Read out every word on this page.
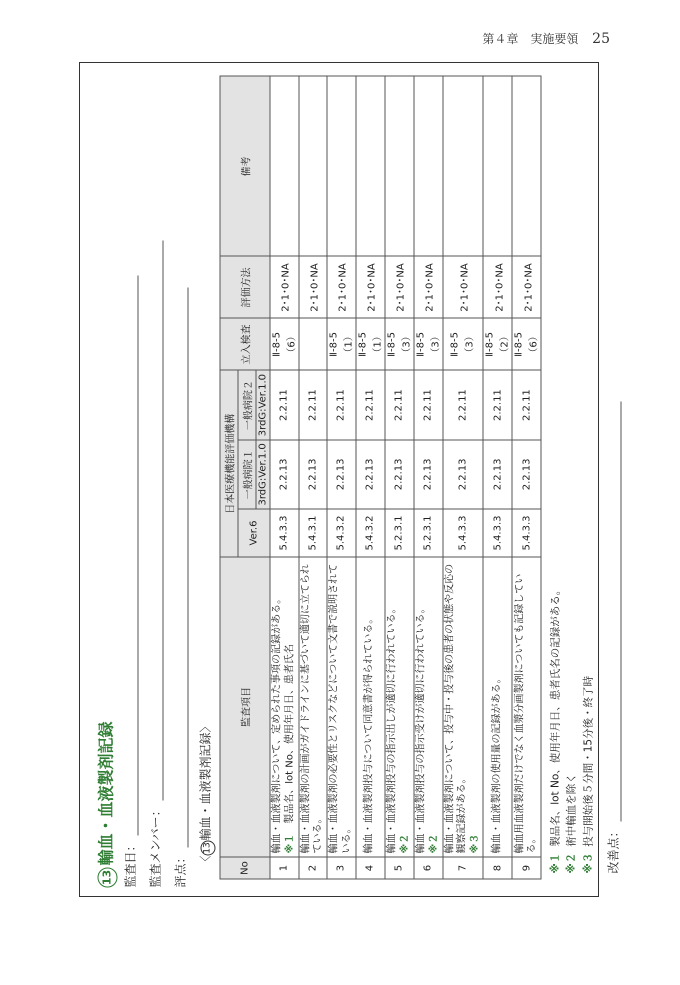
第４章　実施要領 25
13輸血・血液製剤記録 監査日： 監査メンバー： 評点： 〈13輸血・血液製剤記録〉
No	監査項目	日本医療機能評価機構			立入検査	評価方法	備考
		Ver.6	一般病院１	一般病院２			
			3rdG:Ver.1.0	3rdG:Ver.1.0			
1	輸血・血液製剤について、定められた事項の記録がある。 ※１　製品名、lot No、使用年月日、患者氏名	5.4.3.3	2.2.13	2.2.11	Ⅱ-8-5（6）	2･1･0･NA	
2	輸血・血液製剤の計画がガイドラインに基づいて適切に立てられている。	5.4.3.1	2.2.13	2.2.11		2･1･0･NA	
3	輸血・血液製剤の必要性とリスクなどについて文書で説明されている。	5.4.3.2	2.2.13	2.2.11	Ⅱ-8-5（1）	2･1･0･NA	
4	輸血・血液製剤投与について同意書が得られている。	5.4.3.2	2.2.13	2.2.11	Ⅱ-8-5（1）	2･1･0･NA	
5	輸血・血液製剤投与の指示出しが適切に行われている。 ※２	5.2.3.1	2.2.13	2.2.11	Ⅱ-8-5（3）	2･1･0･NA	
6	輸血・血液製剤投与の指示受けが適切に行われている。 ※２	5.2.3.1	2.2.13	2.2.11	Ⅱ-8-5（3）	2･1･0･NA	
7	輸血・血液製剤について、投与中・投与後の患者の状態や反応の観察記録がある。 ※３	5.4.3.3	2.2.13	2.2.11	Ⅱ-8-5（3）	2･1･0･NA	
8	輸血・血液製剤の使用量の記録がある。	5.4.3.3	2.2.13	2.2.11	Ⅱ-8-5（2）	2･1･0･NA	
9	輸血用血液製剤だけでなく血漿分画製剤についても記録している。	5.4.3.3	2.2.13	2.2.11	Ⅱ-8-5（6）	2･1･0･NA	
※１製品名、lot No、使用年月日、患者氏名の記録がある。
※２術中輸血を除く
※３投与開始後５分間・15分後・終了時
改善点：
